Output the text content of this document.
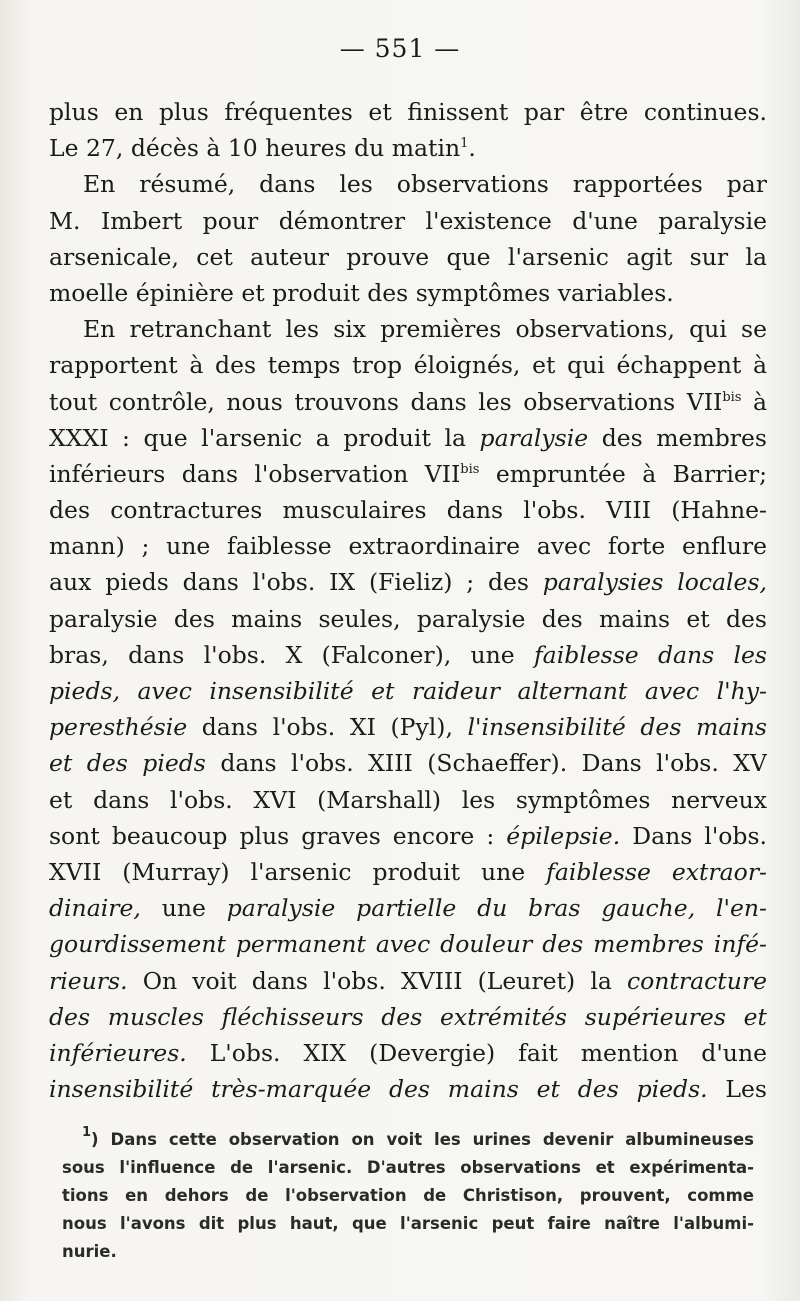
— 551 —
plus en plus fréquentes et finissent par être continues.
Le 27, décès à 10 heures du matin$^1$.
En résumé, dans les observations rapportées par
M. Imbert pour démontrer l'existence d'une paralysie
arsenicale, cet auteur prouve que l'arsenic agit sur la
moelle épinière et produit des symptômes variables.
En retranchant les six premières observations, qui se
rapportent à des temps trop éloignés, et qui échappent à
tout contrôle, nous trouvons dans les observations $VII^{bis}$ à
XXXI : que l'arsenic a produit la paralysie des membres
inférieurs dans l'observation $VII^{bis}$ empruntée à Barrier;
des contractures musculaires dans l'obs. VIII (Hahne-
mann) ; une faiblesse extraordinaire avec forte enflure
aux pieds dans l'obs. IX (Fieliz) ; des paralysies locales,
paralysie des mains seules, paralysie des mains et des
bras, dans l'obs. X (Falconer), une faiblesse dans les
pieds, avec insensibilité et raideur alternant avec l'hy-
peresthésie dans l'obs. XI (Pyl), l'insensibilité des mains
et des pieds dans l'obs. XIII (Schaeffer). Dans l'obs. XV
et dans l'obs. XVI (Marshall) les symptômes nerveux
sont beaucoup plus graves encore : épilepsie. Dans l'obs.
XVII (Murray) l'arsenic produit une faiblesse extraor-
dinaire, une paralysie partielle du bras gauche, l'en-
gourdissement permanent avec douleur des membres infé-
rieurs. On voit dans l'obs. XVIII (Leuret) la contracture
des muscles fléchisseurs des extrémités supérieures et
inférieures. L'obs. XIX (Devergie) fait mention d'une
insensibilité très-marquée des mains et des pieds. Les
$^1$) Dans cette observation on voit les urines devenir albumineuses
sous l'influence de l'arsenic. D'autres observations et expérimenta-
tions en dehors de l'observation de Christison, prouvent, comme
nous l'avons dit plus haut, que l'arsenic peut faire naître l'albumi-
nurie.
